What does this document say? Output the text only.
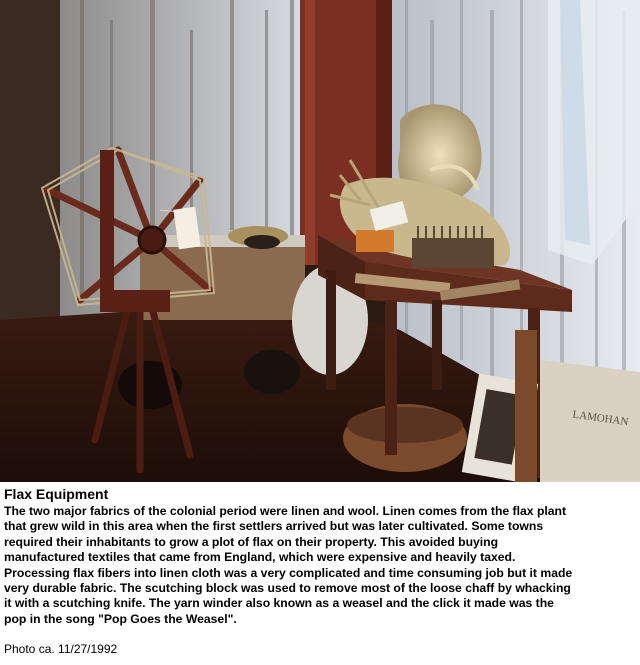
LAMOHAN
Flax Equipment

The two major fabrics of the colonial period were linen and wool. Linen comes from the flax plant
that grew wild in this area when the first settlers arrived but was later cultivated. Some towns
required their inhabitants to grow a plot of flax on their property. This avoided buying
manufactured textiles that came from England, which were expensive and heavily taxed.
Processing flax fibers into linen cloth was a very complicated and time consuming job but it made
very durable fabric. The scutching block was used to remove most of the loose chaff by whacking
it with a scutching knife. The yarn winder also known as a weasel and the click it made was the
pop in the song "Pop Goes the Weasel".

Photo ca. 11/27/1992
